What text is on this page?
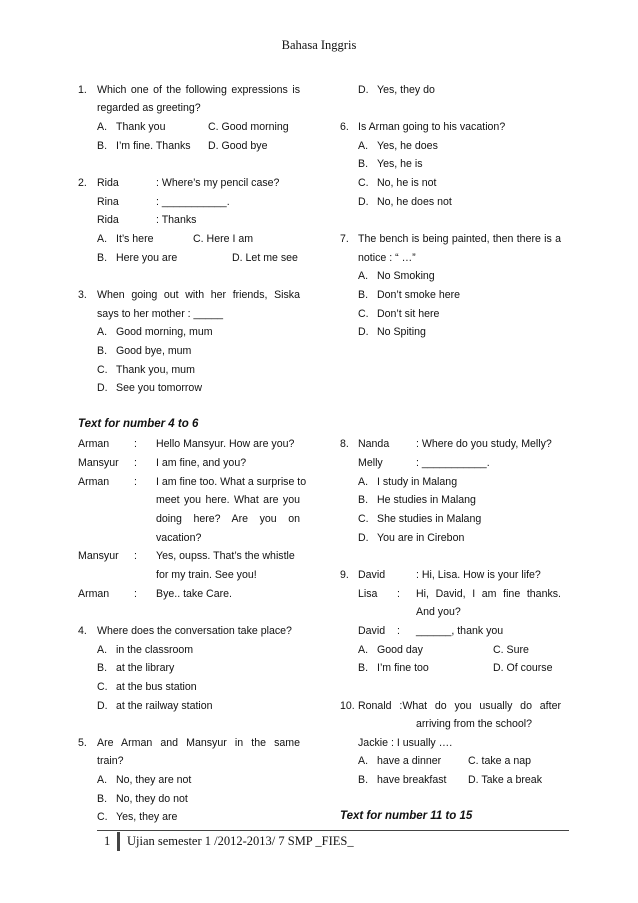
Bahasa Inggris
1. Which one of the following expressions is
regarded as greeting?
A. Thank you	C. Good morning
B. I’m fine. Thanks D. Good bye
2. Rida	: Where’s my pencil case?
Rina	: ___________.
Rida	: Thanks
A. It’s here	C. Here I am
B. Here you are	D. Let me see
3. When going out with her friends, Siska
says to her mother : _____
A. Good morning, mum
B. Good bye, mum
C. Thank you, mum
D. See you tomorrow
Text for number 4 to 6
Arman : Hello Mansyur. How are you?
Mansyur : I am fine, and you?
Arman : I am fine too. What a surprise to
meet you here. What are you
doing here? Are you on
vacation?
Mansyur : Yes, oupss. That’s the whistle
for my train. See you!
Arman : Bye.. take Care.
4. Where does the conversation take place?
A. in the classroom
B. at the library
C. at the bus station
D. at the railway station
5. Are Arman and Mansyur in the same
train?
A. No, they are not
B. No, they do not
C. Yes, they are
D. Yes, they do
6. Is Arman going to his vacation?
A. Yes, he does
B. Yes, he is
C. No, he is not
D. No, he does not
7. The bench is being painted, then there is a
notice : “ …”
A. No Smoking
B. Don’t smoke here
C. Don’t sit here
D. No Spiting
8. Nanda	: Where do you study, Melly?
Melly	: ___________.
A. I study in Malang
B. He studies in Malang
C. She studies in Malang
D. You are in Cirebon
9. David	: Hi, Lisa. How is your life?
Lisa : Hi, David, I am fine thanks.
And you?
David : ______, thank you
A. Good day	C. Sure
B. I’m fine too	D. Of course
10. Ronald :What do you usually do after
arriving from the school?
Jackie : I usually ….
A. have a dinner	C. take a nap
B. have breakfast D. Take a break
Text for number 11 to 15
1 Ujian semester 1 /2012-2013/ 7 SMP _FIES_
